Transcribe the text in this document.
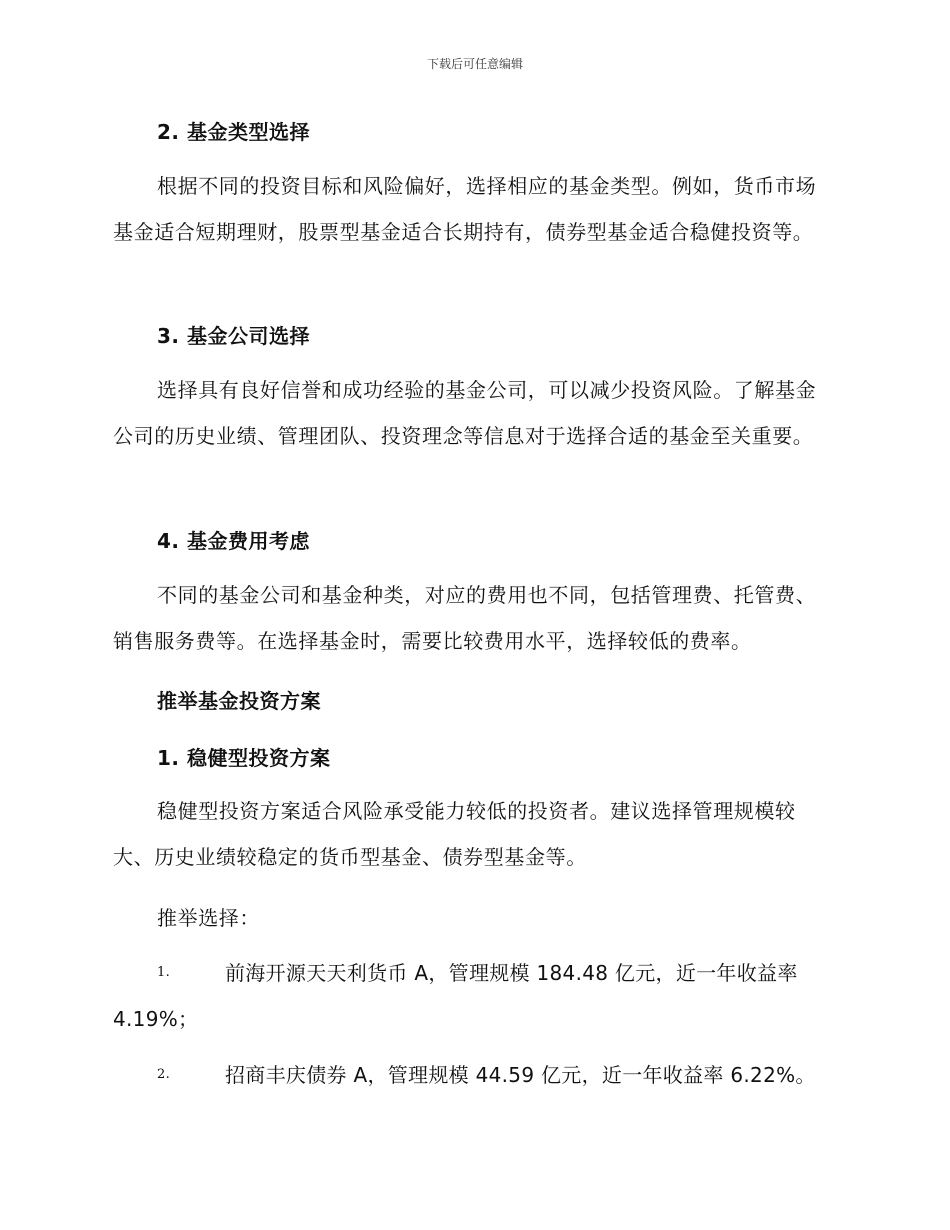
下载后可任意编辑
2. 基金类型选择
根据不同的投资目标和风险偏好，选择相应的基金类型。例如，货币市场基金适合短期理财，股票型基金适合长期持有，债券型基金适合稳健投资等。
3. 基金公司选择
选择具有良好信誉和成功经验的基金公司，可以减少投资风险。了解基金公司的历史业绩、管理团队、投资理念等信息对于选择合适的基金至关重要。
4. 基金费用考虑
不同的基金公司和基金种类，对应的费用也不同，包括管理费、托管费、销售服务费等。在选择基金时，需要比较费用水平，选择较低的费率。
推举基金投资方案
1. 稳健型投资方案
稳健型投资方案适合风险承受能力较低的投资者。建议选择管理规模较大、历史业绩较稳定的货币型基金、债券型基金等。
推举选择：
1.	前海开源天天利货币 A，管理规模 184.48 亿元，近一年收益率 4.19%；
2.	招商丰庆债券 A，管理规模 44.59 亿元，近一年收益率 6.22%。
